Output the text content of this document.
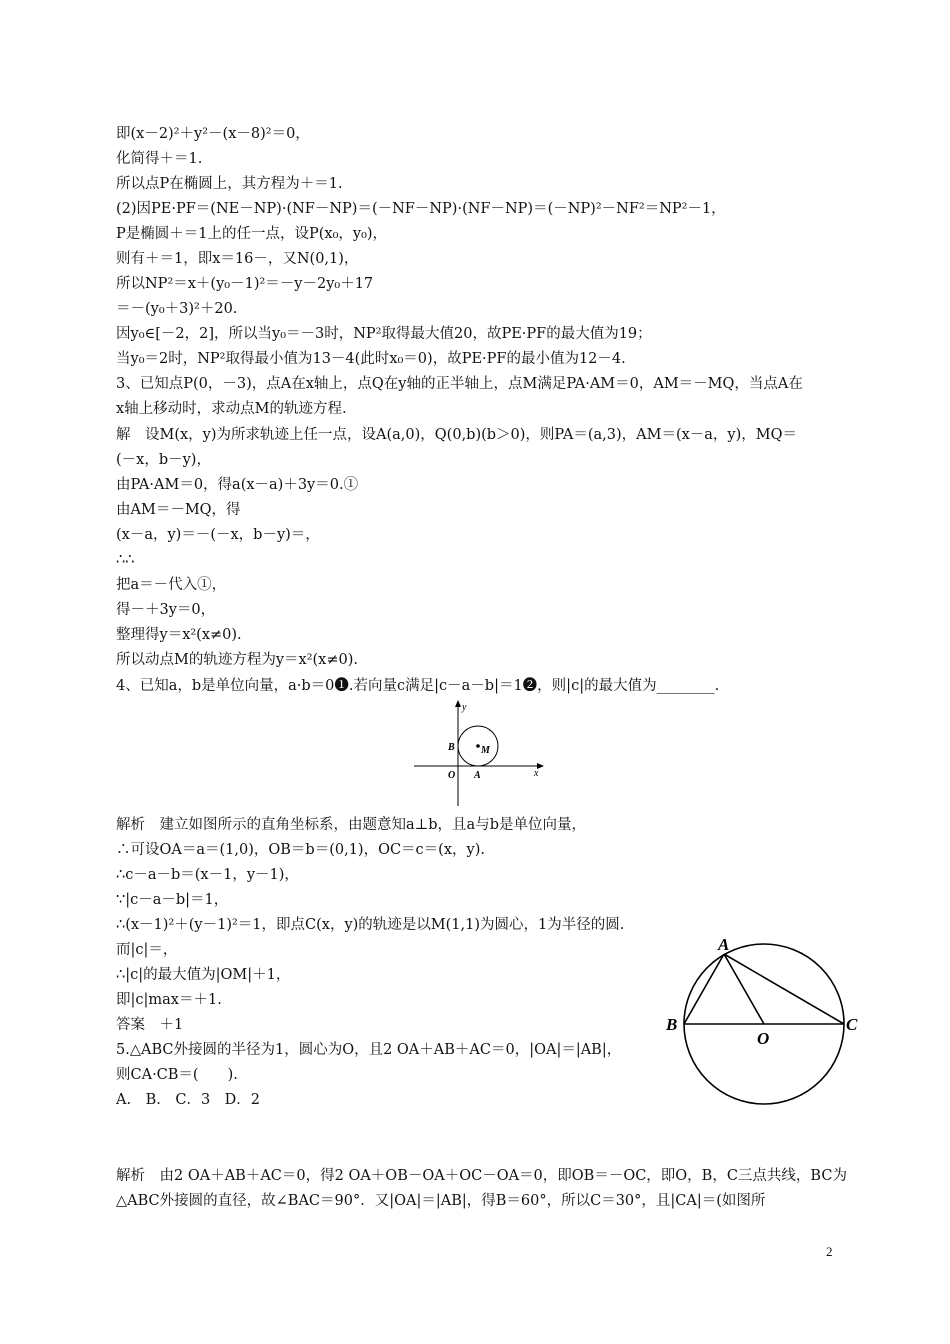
即(x－2)²＋y²－(x－8)²＝0，
化简得＋＝1.
所以点P在椭圆上，其方程为＋＝1.
(2)因PE·PF＝(NE－NP)·(NF－NP)＝(－NF－NP)·(NF－NP)＝(－NP)²－NF²＝NP²－1，
P是椭圆＋＝1上的任一点，设P(x₀，y₀)，
则有＋＝1，即x＝16－，又N(0,1)，
所以NP²＝x＋(y₀－1)²＝－y－2y₀＋17
＝－(y₀＋3)²＋20.
因y₀∈[－2，2]，所以当y₀＝－3时，NP²取得最大值20，故PE·PF的最大值为19；
当y₀＝2时，NP²取得最小值为13－4(此时x₀＝0)，故PE·PF的最小值为12－4.
3、已知点P(0，－3)，点A在x轴上，点Q在y轴的正半轴上，点M满足PA·AM＝0，AM＝－MQ，当点A在
x轴上移动时，求动点M的轨迹方程.
解　设M(x，y)为所求轨迹上任一点，设A(a,0)，Q(0,b)(b＞0)，则PA＝(a,3)，AM＝(x－a，y)，MQ＝
(－x，b－y)，
由PA·AM＝0，得a(x－a)＋3y＝0.①
由AM＝－MQ，得
(x－a，y)＝－(－x，b－y)＝，
∴∴
把a＝－代入①，
得－＋3y＝0，
整理得y＝x²(x≠0).
所以动点M的轨迹方程为y＝x²(x≠0).
4、已知a，b是单位向量，a·b＝0❶.若向量c满足|c－a－b|＝1❷，则|c|的最大值为________.
y
x
O A
B	M
解析　建立如图所示的直角坐标系，由题意知a⊥b，且a与b是单位向量，
∴可设OA＝a＝(1,0)，OB＝b＝(0,1)，OC＝c＝(x，y).
∴c－a－b＝(x－1，y－1)，
∵|c－a－b|＝1，
∴(x－1)²＋(y－1)²＝1，即点C(x，y)的轨迹是以M(1,1)为圆心，1为半径的圆.
而|c|＝，
∴|c|的最大值为|OM|＋1，
即|c|max＝＋1.
答案　＋1
5.△ABC外接圆的半径为1，圆心为O，且2 OA＋AB＋AC＝0，|OA|＝|AB|，
则CA·CB＝(　　).
A.　B.　C．3　D．2
A
B	C
O
解析　由2 OA＋AB＋AC＝0，得2 OA＋OB－OA＋OC－OA＝0，即OB＝－OC，即O，B，C三点共线，BC为
△ABC外接圆的直径，故∠BAC＝90°．又|OA|＝|AB|，得B＝60°，所以C＝30°，且|CA|＝(如图所
2
